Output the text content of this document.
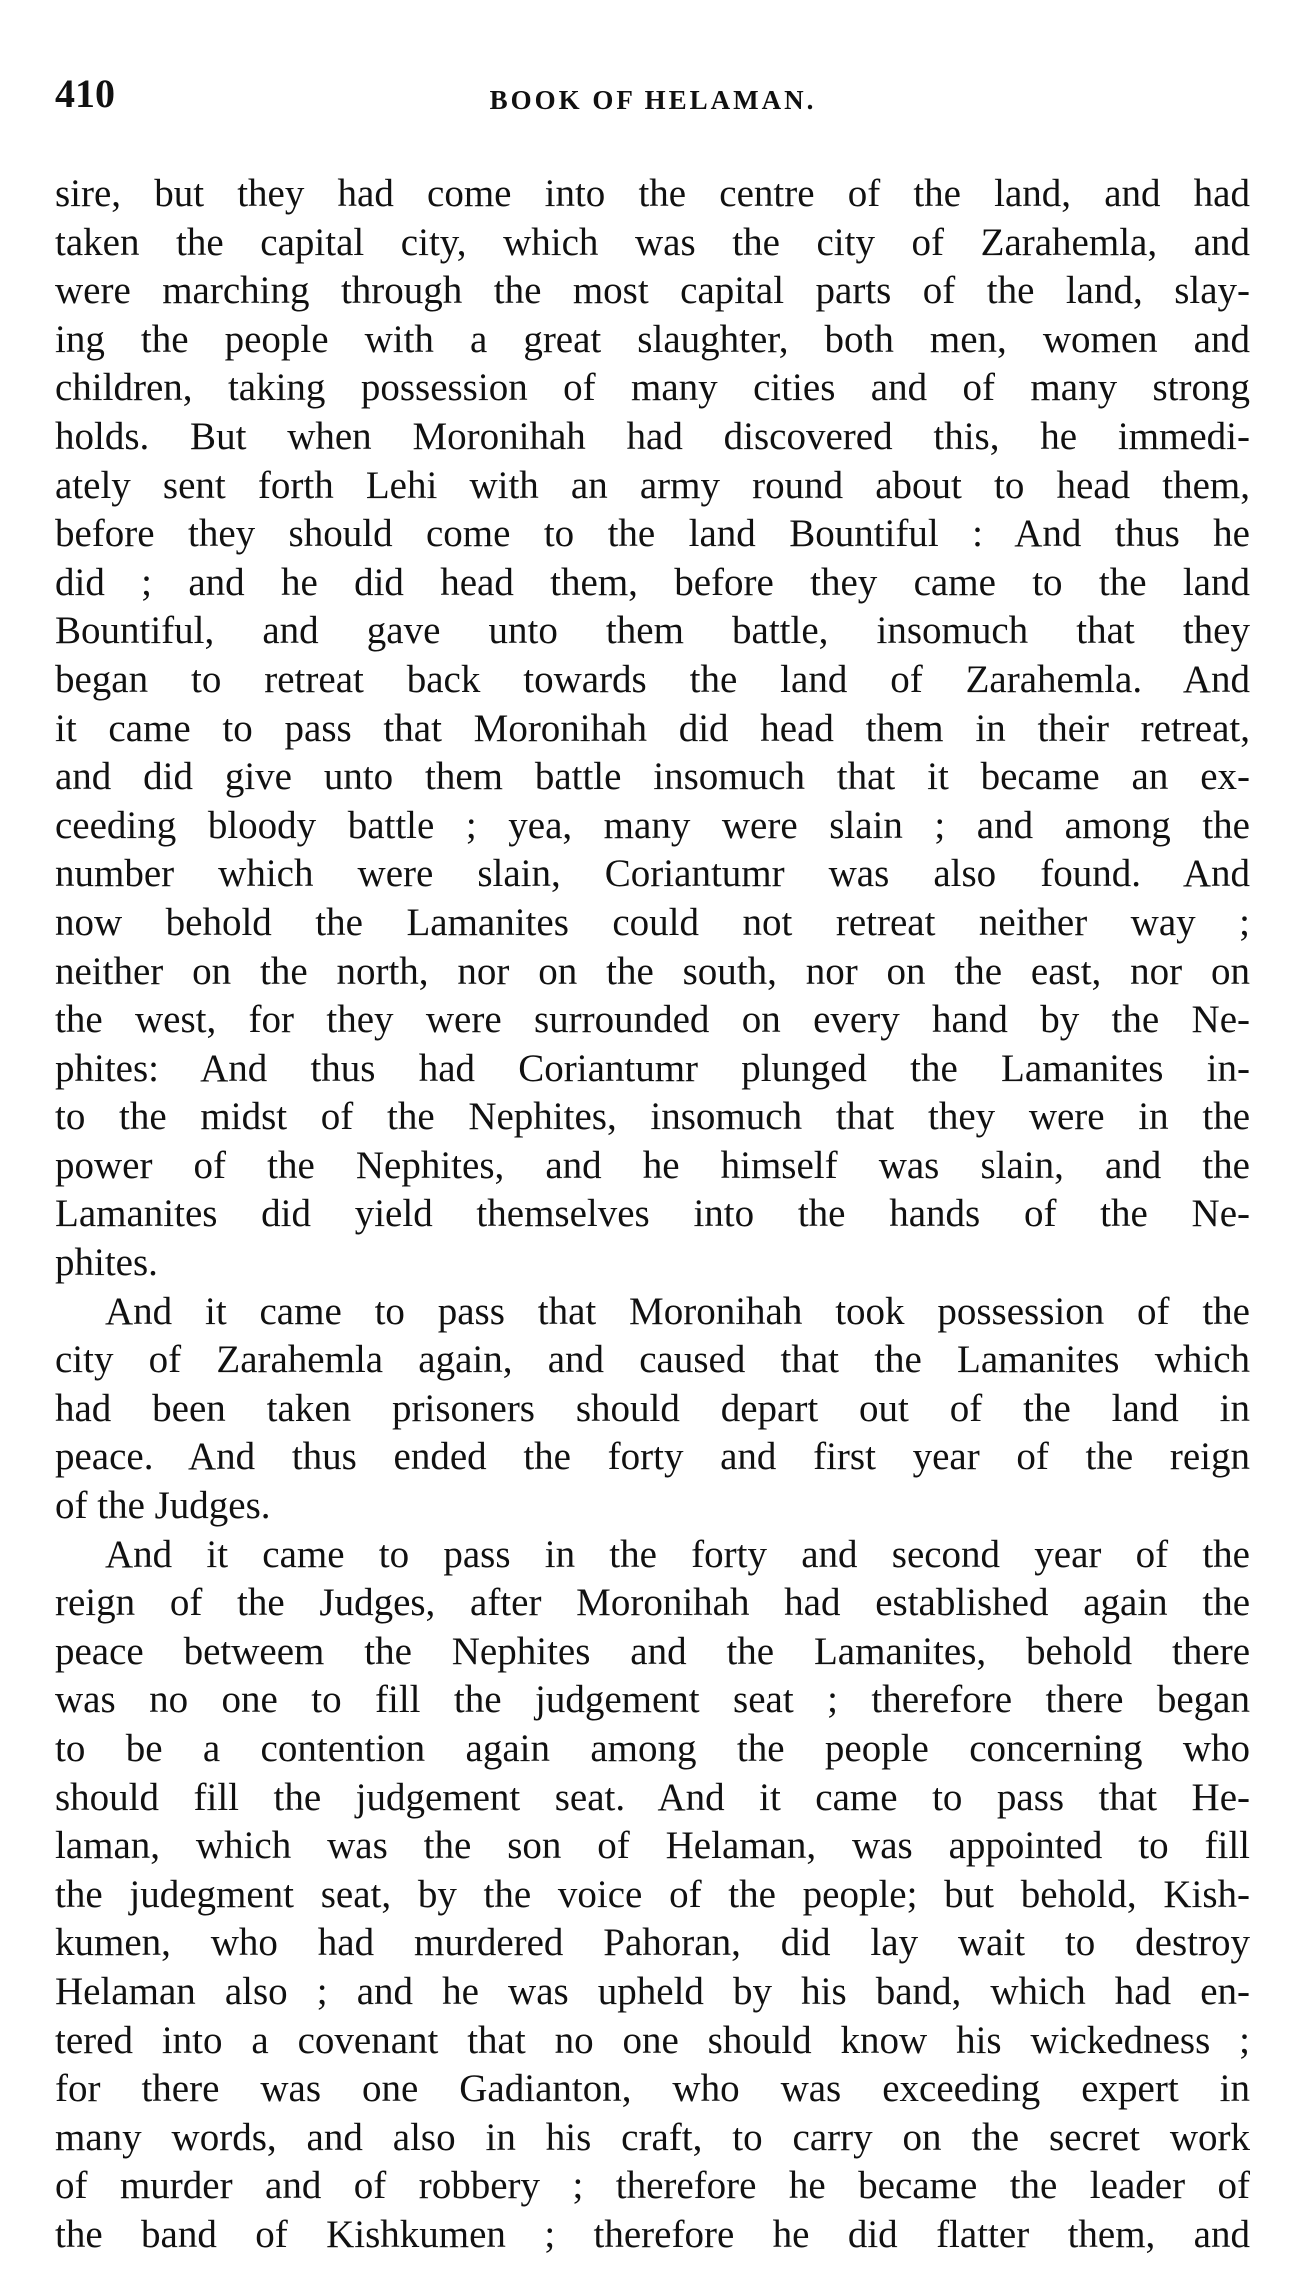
410	BOOK OF HELAMAN.
sire, but they had come into the centre of the land, and had
taken the capital city, which was the city of Zarahemla, and
were marching through the most capital parts of the land, slay-
ing the people with a great slaughter, both men, women and
children, taking possession of many cities and of many strong
holds. But when Moronihah had discovered this, he immedi-
ately sent forth Lehi with an army round about to head them,
before they should come to the land Bountiful : And thus he
did ; and he did head them, before they came to the land
Bountiful, and gave unto them battle, insomuch that they
began to retreat back towards the land of Zarahemla. And
it came to pass that Moronihah did head them in their retreat,
and did give unto them battle insomuch that it became an ex-
ceeding bloody battle ; yea, many were slain ; and among the
number which were slain, Coriantumr was also found. And
now behold the Lamanites could not retreat neither way ;
neither on the north, nor on the south, nor on the east, nor on
the west, for they were surrounded on every hand by the Ne-
phites: And thus had Coriantumr plunged the Lamanites in-
to the midst of the Nephites, insomuch that they were in the
power of the Nephites, and he himself was slain, and the
Lamanites did yield themselves into the hands of the Ne-
phites.
And it came to pass that Moronihah took possession of the
city of Zarahemla again, and caused that the Lamanites which
had been taken prisoners should depart out of the land in
peace. And thus ended the forty and first year of the reign
of the Judges.
And it came to pass in the forty and second year of the
reign of the Judges, after Moronihah had established again the
peace betweem the Nephites and the Lamanites, behold there
was no one to fill the judgement seat ; therefore there began
to be a contention again among the people concerning who
should fill the judgement seat. And it came to pass that He-
laman, which was the son of Helaman, was appointed to fill
the judegment seat, by the voice of the people; but behold, Kish-
kumen, who had murdered Pahoran, did lay wait to destroy
Helaman also ; and he was upheld by his band, which had en-
tered into a covenant that no one should know his wickedness ;
for there was one Gadianton, who was exceeding expert in
many words, and also in his craft, to carry on the secret work
of murder and of robbery ; therefore he became the leader of
the band of Kishkumen ; therefore he did flatter them, and
